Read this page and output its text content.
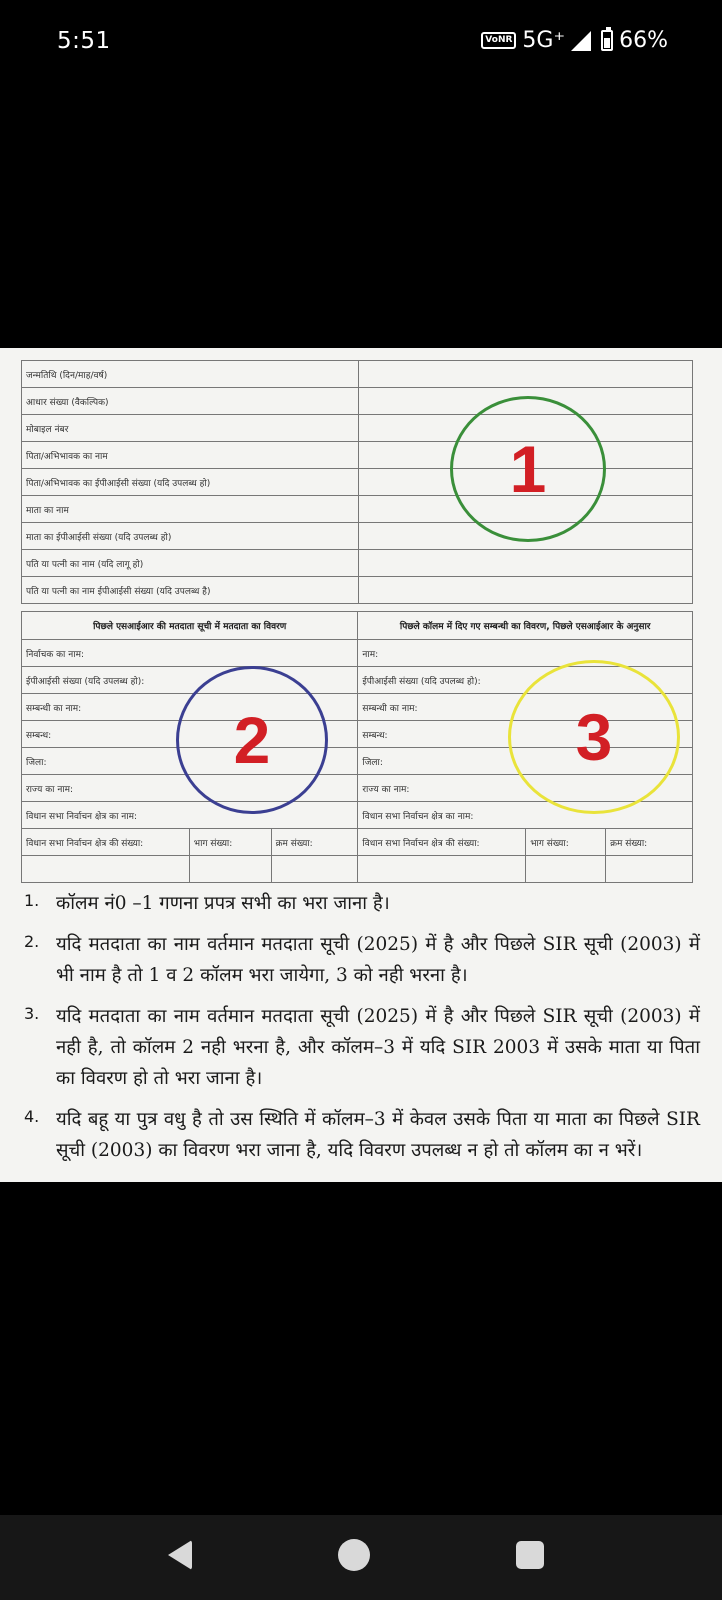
5:51	VoNR 5G⁺ 66%
जन्मतिथि (दिन/माह/वर्ष)	
आधार संख्या (वैकल्पिक)	
मोबाइल नंबर	
पिता/अभिभावक का नाम	
पिता/अभिभावक का ईपीआईसी संख्या (यदि उपलब्ध हो)	
माता का नाम	
माता का ईपीआईसी संख्या (यदि उपलब्ध हो)	
पति या पत्नी का नाम (यदि लागू हो)	
पति या पत्नी का नाम ईपीआईसी संख्या (यदि उपलब्ध है)	
पिछले एसआईआर की मतदाता सूची में मतदाता का विवरण			पिछले कॉलम में दिए गए सम्बन्धी का विवरण, पिछले एसआईआर के अनुसार		
निर्वाचक का नाम:			नाम:		
ईपीआईसी संख्या (यदि उपलब्ध हो):			ईपीआईसी संख्या (यदि उपलब्ध हो):		
सम्बन्धी का नाम:			सम्बन्धी का नाम:		
सम्बन्ध:			सम्बन्ध:		
जिला:			जिला:		
राज्य का नाम:			राज्य का नाम:		
विधान सभा निर्वाचन क्षेत्र का नाम:			विधान सभा निर्वाचन क्षेत्र का नाम:		
विधान सभा निर्वाचन क्षेत्र की संख्या:	भाग संख्या:	क्रम संख्या:	विधान सभा निर्वाचन क्षेत्र की संख्या:	भाग संख्या:	क्रम संख्या:

1
2	3
1. कॉलम नं0 –1 गणना प्रपत्र सभी का भरा जाना है।
2. यदि मतदाता का नाम वर्तमान मतदाता सूची (2025) में है और पिछले SIR सूची (2003) में भी नाम है तो 1 व 2 कॉलम भरा जायेगा, 3 को नही भरना है।
3. यदि मतदाता का नाम वर्तमान मतदाता सूची (2025) में है और पिछले SIR सूची (2003) में नही है, तो कॉलम 2 नही भरना है, और कॉलम–3 में यदि SIR 2003 में उसके माता या पिता का विवरण हो तो भरा जाना है।
4. यदि बहू या पुत्र वधु है तो उस स्थिति में कॉलम–3 में केवल उसके पिता या माता का पिछले SIR सूची (2003) का विवरण भरा जाना है, यदि विवरण उपलब्ध न हो तो कॉलम का न भरें।
